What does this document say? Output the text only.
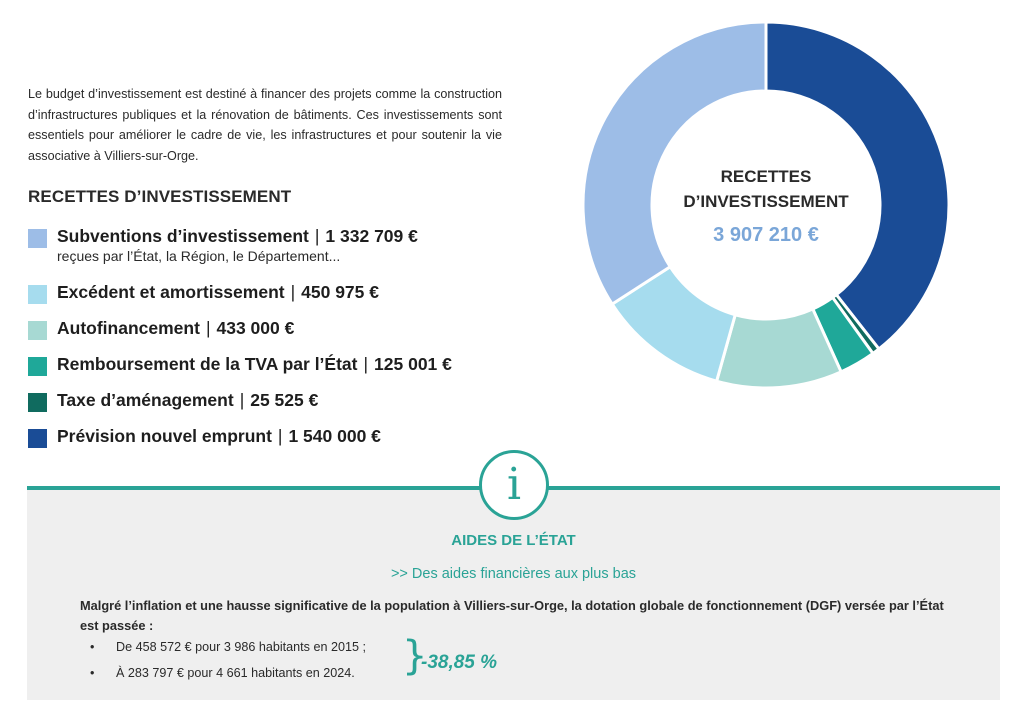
Le budget d’investissement est destiné à financer des projets comme la construction d’infrastructures publiques et la rénovation de bâtiments. Ces investissements sont essentiels pour améliorer le cadre de vie, les infrastructures et pour soutenir la vie associative à Villiers-sur-Orge.

RECETTES D’INVESTISSEMENT
Subventions d’investissement | 1 332 709 €
reçues par l’État, la Région, le Département...
Excédent et amortissement | 450 975 €
Autofinancement | 433 000 €
Remboursement de la TVA par l’État | 125 001 €
Taxe d’aménagement | 25 525 €
Prévision nouvel emprunt | 1 540 000 €
RECETTES D’INVESTISSEMENT
3 907 210 €
i
AIDES DE L’ÉTAT
>> Des aides financières aux plus bas

Malgré l’inflation et une hausse significative de la population à Villiers-sur-Orge, la dotation globale de fonctionnement (DGF) versée par l’État est passée :

• De 458 572 € pour 3 986 habitants en 2015 ;
• À 283 797 € pour 4 661 habitants en 2024. }
-38,85 %
